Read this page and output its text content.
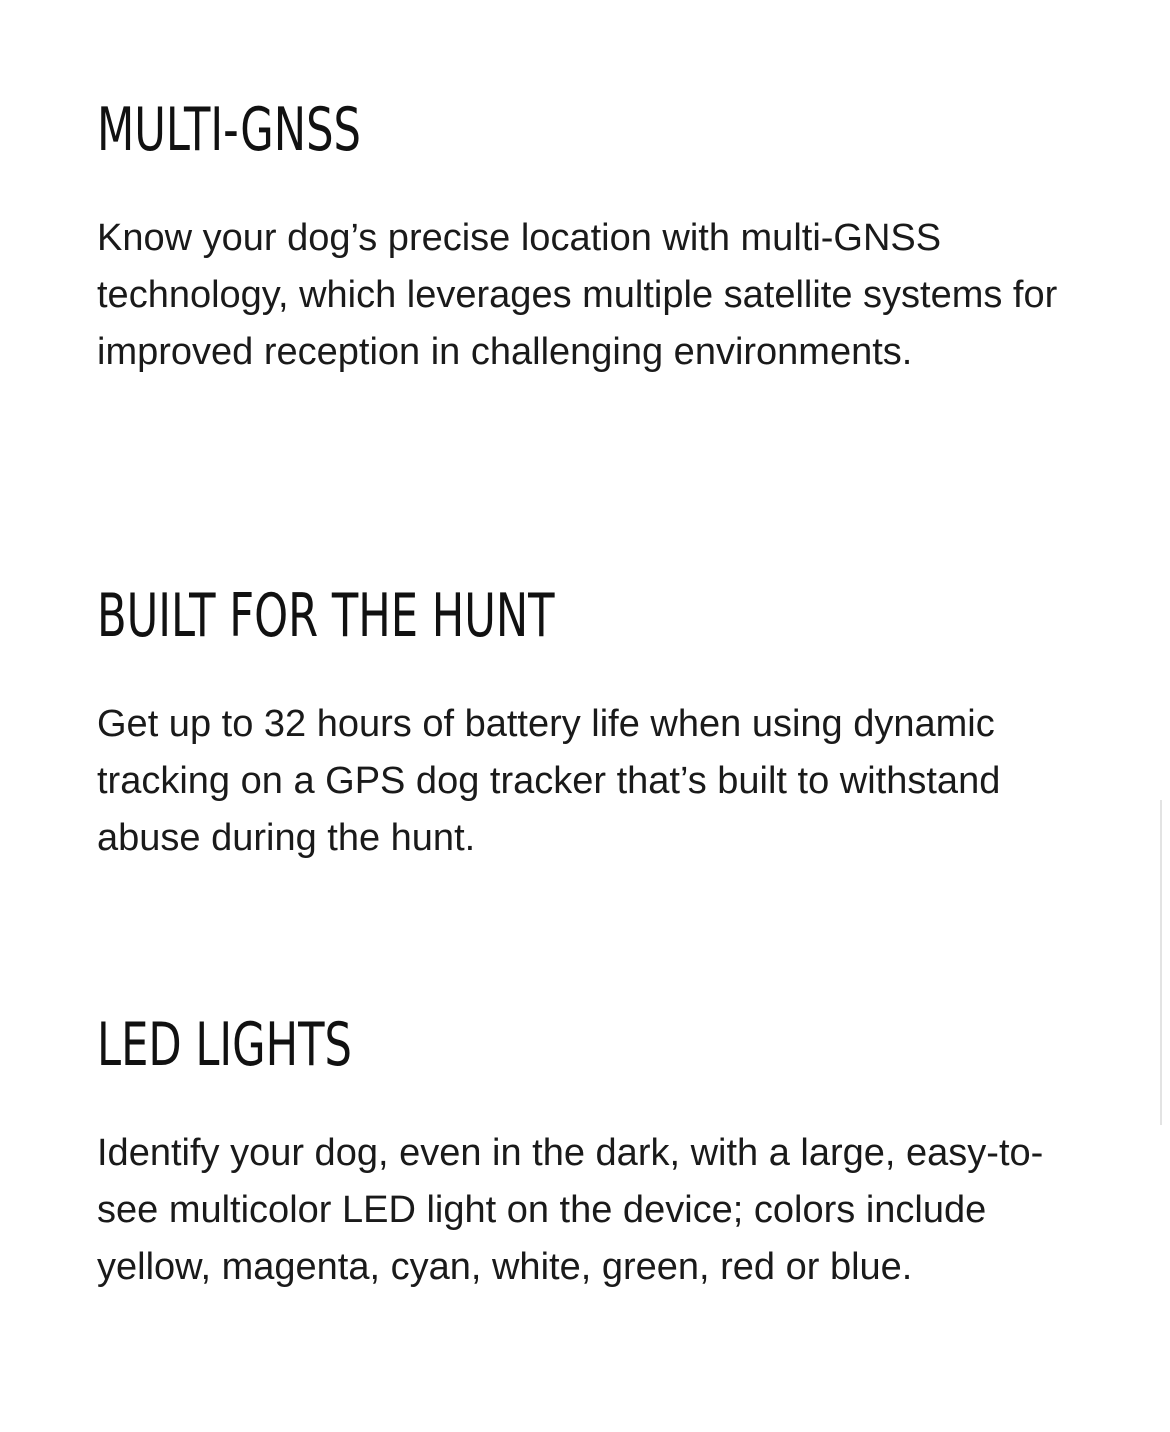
MULTI-GNSS

Know your dog’s precise location with multi-GNSS technology, which leverages multiple satellite systems for improved reception in challenging environments.

BUILT FOR THE HUNT

Get up to 32 hours of battery life when using dynamic tracking on a GPS dog tracker that’s built to withstand abuse during the hunt.

LED LIGHTS

Identify your dog, even in the dark, with a large, easy-to-see multicolor LED light on the device; colors include yellow, magenta, cyan, white, green, red or blue.
